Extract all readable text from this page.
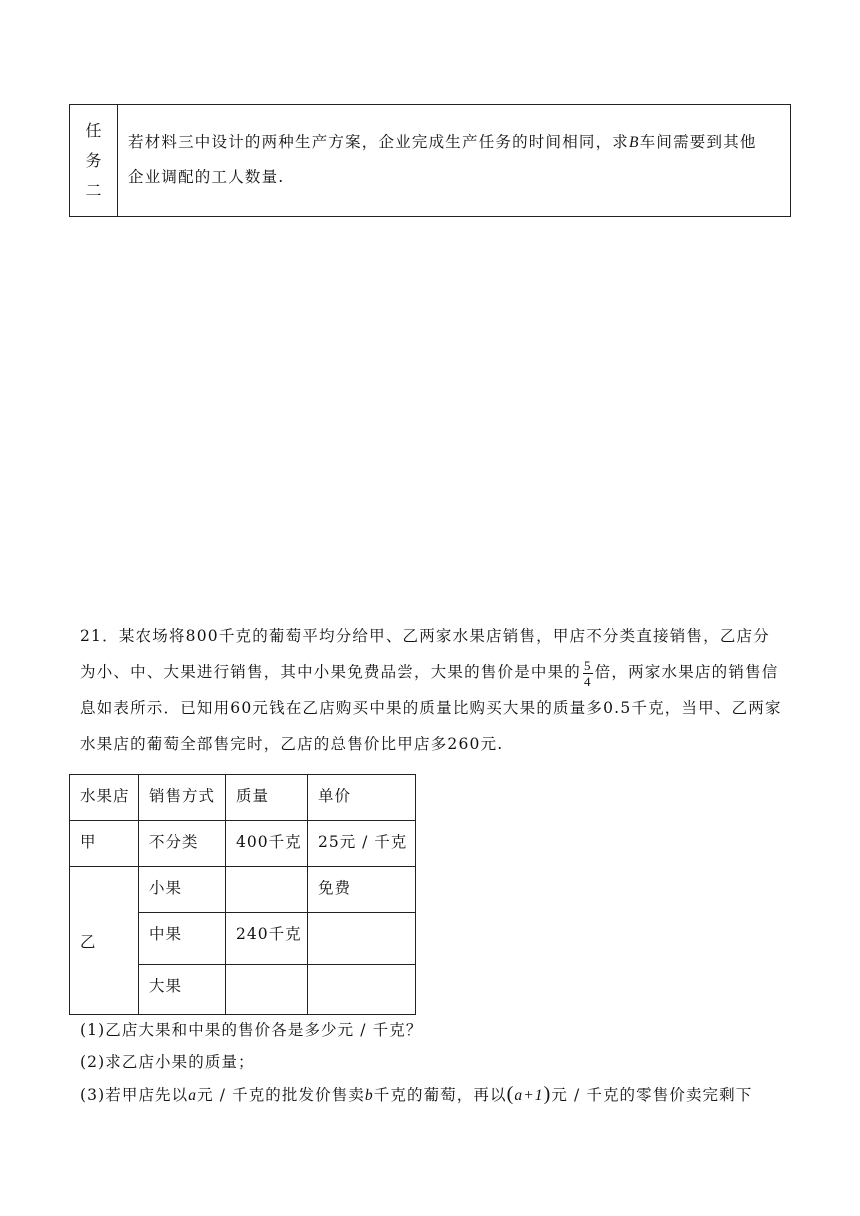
任
务
二
若材料三中设计的两种生产方案，企业完成生产任务的时间相同，求B车间需要到其他
企业调配的工人数量.
21．某农场将800千克的葡萄平均分给甲、乙两家水果店销售，甲店不分类直接销售，乙店分为小、中、大果进行销售，其中小果免费品尝，大果的售价是中果的 $\frac{5}{4}$ 倍，两家水果店的销售信息如表所示．已知用60元钱在乙店购买中果的质量比购买大果的质量多0.5千克，当甲、乙两家水果店的葡萄全部售完时，乙店的总售价比甲店多260元.
水果店	销售方式	质量	单价
甲	不分类	400千克	25元 / 千克
乙	小果		免费
	中果	240千克	
	大果		
(1)乙店大果和中果的售价各是多少元 / 千克？
(2)求乙店小果的质量；
(3)若甲店先以a元 / 千克的批发价售卖b千克的葡萄，再以(a+1)元 / 千克的零售价卖完剩下
